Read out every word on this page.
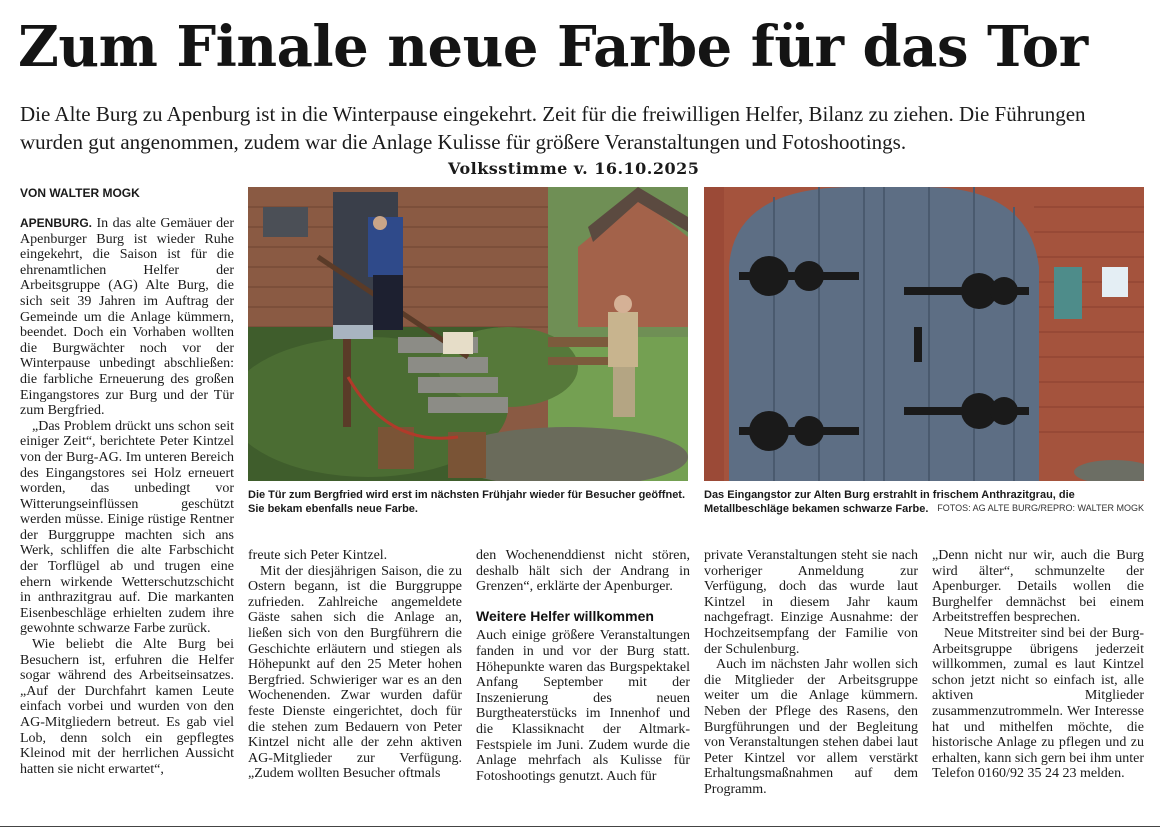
Zum Finale neue Farbe für das Tor

Die Alte Burg zu Apenburg ist in die Winterpause eingekehrt. Zeit für die freiwilligen Helfer, Bilanz zu ziehen. Die Führungen wurden gut angenommen, zudem war die Anlage Kulisse für größere Veranstaltungen und Fotoshootings.

Volksstimme v. 16.10.2025

VON WALTER MOGK

APENBURG. In das alte Gemäuer der Apenburger Burg ist wieder Ruhe eingekehrt, die Saison ist für die ehrenamtlichen Helfer der Arbeitsgruppe (AG) Alte Burg, die sich seit 39 Jahren im Auftrag der Gemeinde um die Anlage kümmern, beendet. Doch ein Vorhaben wollten die Burgwächter noch vor der Winterpause unbedingt abschließen: die farbliche Erneuerung des großen Eingangstores zur Burg und der Tür zum Bergfried.

„Das Problem drückt uns schon seit einiger Zeit“, berichtete Peter Kintzel von der Burg-AG. Im unteren Bereich des Eingangstores sei Holz erneuert worden, das unbedingt vor Witterungseinflüssen geschützt werden müsse. Einige rüstige Rentner der Burggruppe machten sich ans Werk, schliffen die alte Farbschicht der Torflügel ab und trugen eine ehern wirkende Wetterschutzschicht in anthrazitgrau auf. Die markanten Eisenbeschläge erhielten zudem ihre gewohnte schwarze Farbe zurück.

Wie beliebt die Alte Burg bei Besuchern ist, erfuhren die Helfer sogar während des Arbeitseinsatzes. „Auf der Durchfahrt kamen Leute einfach vorbei und wurden von den AG-Mitgliedern betreut. Es gab viel Lob, denn solch ein gepflegtes Kleinod mit der herrlichen Aussicht hatten sie nicht erwartet“,

Die Tür zum Bergfried wird erst im nächsten Frühjahr wieder für Besucher geöffnet. Sie bekam ebenfalls neue Farbe.

Das Eingangstor zur Alten Burg erstrahlt in frischem Anthrazitgrau, die Metallbeschläge bekamen schwarze Farbe. FOTOS: AG ALTE BURG/REPRO: WALTER MOGK

freute sich Peter Kintzel.

Mit der diesjährigen Saison, die zu Ostern begann, ist die Burggruppe zufrieden. Zahlreiche angemeldete Gäste sahen sich die Anlage an, ließen sich von den Burgführern die Geschichte erläutern und stiegen als Höhepunkt auf den 25 Meter hohen Bergfried. Schwieriger war es an den Wochenenden. Zwar wurden dafür feste Dienste eingerichtet, doch für die stehen zum Bedauern von Peter Kintzel nicht alle der zehn aktiven AG-Mitglieder zur Verfügung. „Zudem wollten Besucher oftmals

den Wochenenddienst nicht stören, deshalb hält sich der Andrang in Grenzen“, erklärte der Apenburger.

Weitere Helfer willkommen

Auch einige größere Veranstaltungen fanden in und vor der Burg statt. Höhepunkte waren das Burgspektakel Anfang September mit der Inszenierung des neuen Burgtheaterstücks im Innenhof und die Klassiknacht der Altmark-Festspiele im Juni. Zudem wurde die Anlage mehrfach als Kulisse für Fotoshootings genutzt. Auch für

private Veranstaltungen steht sie nach vorheriger Anmeldung zur Verfügung, doch das wurde laut Kintzel in diesem Jahr kaum nachgefragt. Einzige Ausnahme: der Hochzeitsempfang der Familie von der Schulenburg.

Auch im nächsten Jahr wollen sich die Mitglieder der Arbeitsgruppe weiter um die Anlage kümmern. Neben der Pflege des Rasens, den Burgführungen und der Begleitung von Veranstaltungen stehen dabei laut Peter Kintzel vor allem verstärkt Erhaltungsmaßnahmen auf dem Programm.

„Denn nicht nur wir, auch die Burg wird älter“, schmunzelte der Apenburger. Details wollen die Burghelfer demnächst bei einem Arbeitstreffen besprechen.

Neue Mitstreiter sind bei der Burg-Arbeitsgruppe übrigens jederzeit willkommen, zumal es laut Kintzel schon jetzt nicht so einfach ist, alle aktiven Mitglieder zusammenzutrommeln. Wer Interesse hat und mithelfen möchte, die historische Anlage zu pflegen und zu erhalten, kann sich gern bei ihm unter Telefon 0160/92 35 24 23 melden.
